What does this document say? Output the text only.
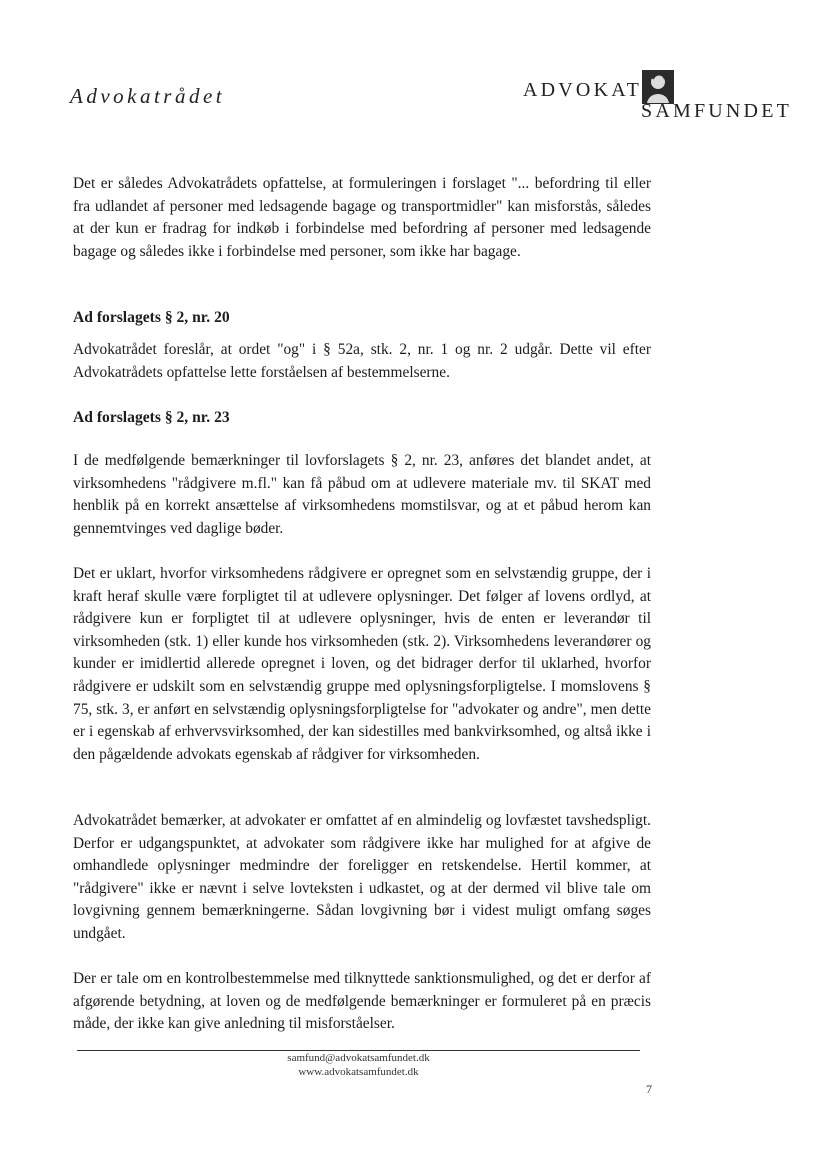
Advokatrådet	ADVOKAT
SAMFUNDET

Det er således Advokatrådets opfattelse, at formuleringen i forslaget "... befordring til eller fra udlandet af personer med ledsagende bagage og transportmidler" kan misforstås, således at der kun er fradrag for indkøb i forbindelse med befordring af personer med ledsagende bagage og således ikke i forbindelse med personer, som ikke har bagage.

Ad forslagets § 2, nr. 20

Advokatrådet foreslår, at ordet "og" i § 52a, stk. 2, nr. 1 og nr. 2 udgår. Dette vil efter Advokatrådets opfattelse lette forståelsen af bestemmelserne.

Ad forslagets § 2, nr. 23

I de medfølgende bemærkninger til lovforslagets § 2, nr. 23, anføres det blandet andet, at virksomhedens "rådgivere m.fl." kan få påbud om at udlevere materiale mv. til SKAT med henblik på en korrekt ansættelse af virksomhedens momstilsvar, og at et påbud herom kan gennemtvinges ved daglige bøder.

Det er uklart, hvorfor virksomhedens rådgivere er opregnet som en selvstændig gruppe, der i kraft heraf skulle være forpligtet til at udlevere oplysninger. Det følger af lovens ordlyd, at rådgivere kun er forpligtet til at udlevere oplysninger, hvis de enten er leverandør til virksomheden (stk. 1) eller kunde hos virksomheden (stk. 2). Virksomhedens leverandører og kunder er imidlertid allerede opregnet i loven, og det bidrager derfor til uklarhed, hvorfor rådgivere er udskilt som en selvstændig gruppe med oplysningsforpligtelse. I momslovens § 75, stk. 3, er anført en selvstændig oplysningsforpligtelse for "advokater og andre", men dette er i egenskab af erhvervsvirksomhed, der kan sidestilles med bankvirksomhed, og altså ikke i den pågældende advokats egenskab af rådgiver for virksomheden.

Advokatrådet bemærker, at advokater er omfattet af en almindelig og lovfæstet tavshedspligt. Derfor er udgangspunktet, at advokater som rådgivere ikke har mulighed for at afgive de omhandlede oplysninger medmindre der foreligger en retskendelse. Hertil kommer, at "rådgivere" ikke er nævnt i selve lovteksten i udkastet, og at der dermed vil blive tale om lovgivning gennem bemærkningerne. Sådan lovgivning bør i videst muligt omfang søges undgået.

Der er tale om en kontrolbestemmelse med tilknyttede sanktionsmulighed, og det er derfor af afgørende betydning, at loven og de medfølgende bemærkninger er formuleret på en præcis måde, der ikke kan give anledning til misforståelser.

samfund@advokatsamfundet.dk
www.advokatsamfundet.dk
7
